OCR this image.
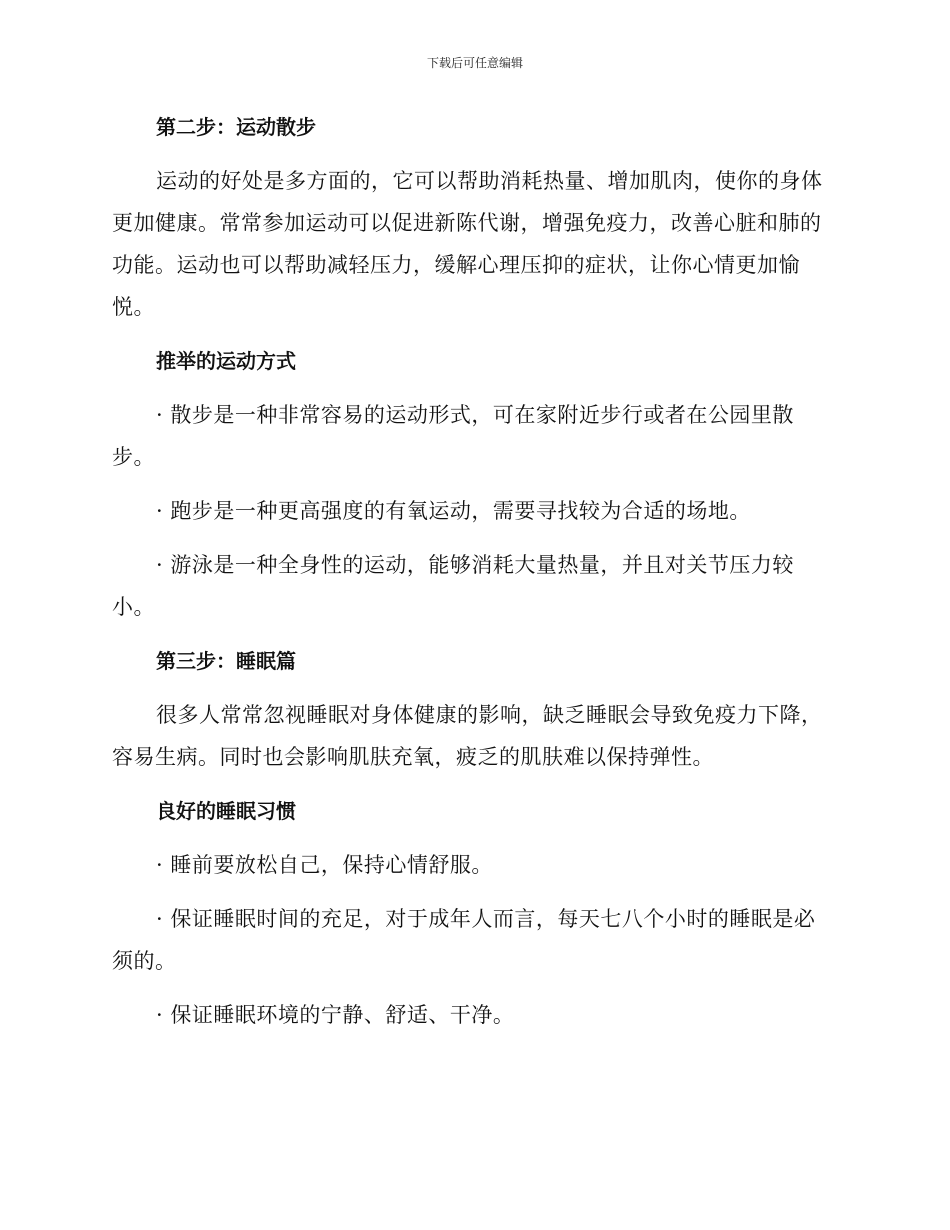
下载后可任意编辑
第二步：运动散步

运动的好处是多方面的，它可以帮助消耗热量、增加肌肉，使你的身体更加健康。常常参加运动可以促进新陈代谢，增强免疫力，改善心脏和肺的功能。运动也可以帮助减轻压力，缓解心理压抑的症状，让你心情更加愉悦。

推举的运动方式

· 散步是一种非常容易的运动形式，可在家附近步行或者在公园里散步。

· 跑步是一种更高强度的有氧运动，需要寻找较为合适的场地。

· 游泳是一种全身性的运动，能够消耗大量热量，并且对关节压力较小。

第三步：睡眠篇

很多人常常忽视睡眠对身体健康的影响，缺乏睡眠会导致免疫力下降，容易生病。同时也会影响肌肤充氧，疲乏的肌肤难以保持弹性。

良好的睡眠习惯

· 睡前要放松自己，保持心情舒服。

· 保证睡眠时间的充足，对于成年人而言，每天七八个小时的睡眠是必须的。

· 保证睡眠环境的宁静、舒适、干净。
